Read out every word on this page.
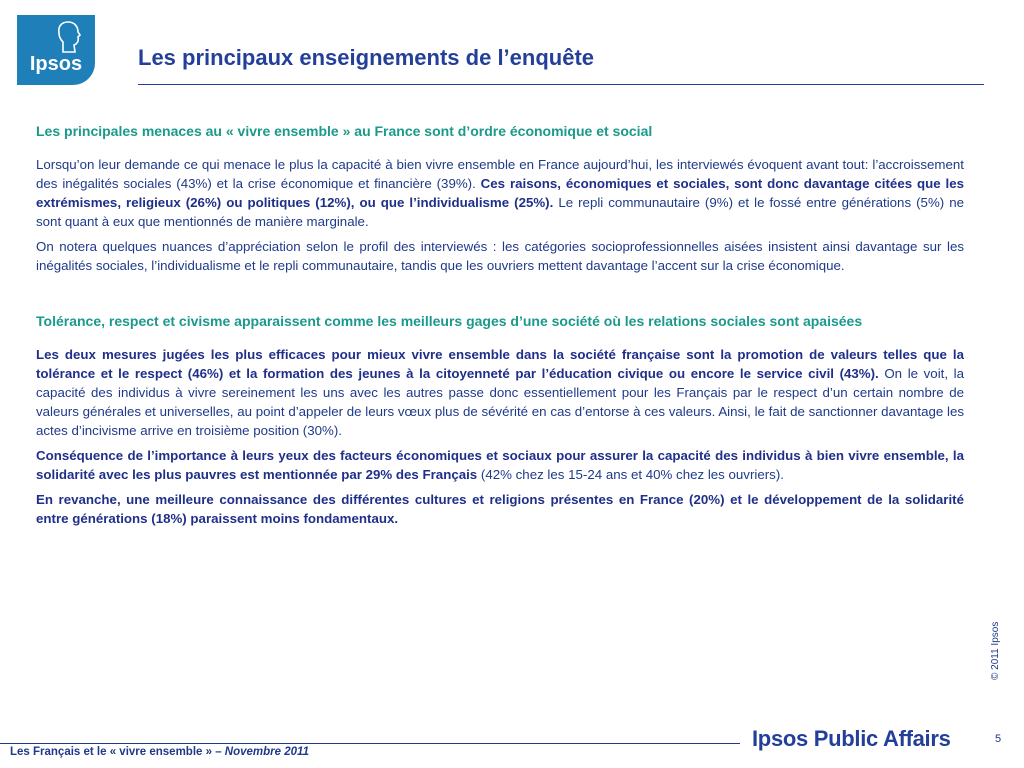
Ipsos	Les principaux enseignements de l’enquête

Les principales menaces au « vivre ensemble » au France sont d’ordre économique et social

Lorsqu’on leur demande ce qui menace le plus la capacité à bien vivre ensemble en France aujourd’hui, les interviewés évoquent avant tout: l’accroissement des inégalités sociales (43%) et la crise économique et financière (39%). Ces raisons, économiques et sociales, sont donc davantage citées que les extrémismes, religieux (26%) ou politiques (12%), ou que l’individualisme (25%). Le repli communautaire (9%) et le fossé entre générations (5%) ne sont quant à eux que mentionnés de manière marginale.

On notera quelques nuances d’appréciation selon le profil des interviewés : les catégories socioprofessionnelles aisées insistent ainsi davantage sur les inégalités sociales, l’individualisme et le repli communautaire, tandis que les ouvriers mettent davantage l’accent sur la crise économique.

Tolérance, respect et civisme apparaissent comme les meilleurs gages d’une société où les relations sociales sont apaisées

Les deux mesures jugées les plus efficaces pour mieux vivre ensemble dans la société française sont la promotion de valeurs telles que la tolérance et le respect (46%) et la formation des jeunes à la citoyenneté par l’éducation civique ou encore le service civil (43%). On le voit, la capacité des individus à vivre sereinement les uns avec les autres passe donc essentiellement pour les Français par le respect d’un certain nombre de valeurs générales et universelles, au point d’appeler de leurs vœux plus de sévérité en cas d’entorse à ces valeurs. Ainsi, le fait de sanctionner davantage les actes d’incivisme arrive en troisième position (30%).

Conséquence de l’importance à leurs yeux des facteurs économiques et sociaux pour assurer la capacité des individus à bien vivre ensemble, la solidarité avec les plus pauvres est mentionnée par 29% des Français (42% chez les 15-24 ans et 40% chez les ouvriers).

En revanche, une meilleure connaissance des différentes cultures et religions présentes en France (20%) et le développement de la solidarité entre générations (18%) paraissent moins fondamentaux.

© 2011 Ipsos
Les Français et le « vivre ensemble » – Novembre 2011
Ipsos Public Affairs	5
